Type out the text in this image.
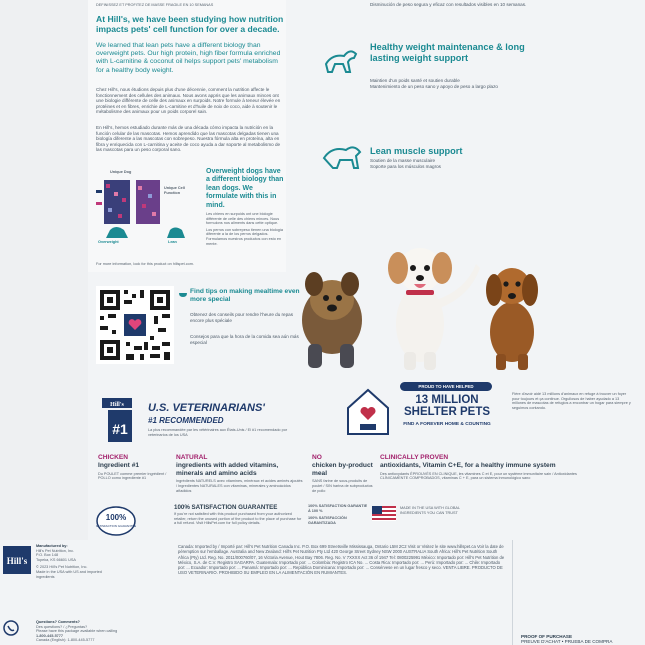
DEFINISSEZ ET PROFITEZ DE MASSE FRAGILE EN 10 SEMANAS
At Hill's, we have been studying how nutrition impacts pets' cell function for over a decade.
We learned that lean pets have a different biology than overweight pets. Our high protein, high fiber formula enriched with L-carnitine & coconut oil helps support pets' metabolism for a healthy body weight.
Chez Hill's, nous étudions depuis plus d'une décennie, comment la nutrition affecte le fonctionnement des cellules des animaux. Nous avons appris que les animaux minces ont une biologie différente de celle des animaux en surpoids. Notre formule à teneur élevée en protéines et en fibres, enrichie de L-carnitine et d'huile de noix de coco, aide à soutenir le métabolisme des animaux pour un poids corporel sain.
En Hill's, hemos estudiado durante más de una década cómo impacta la nutrición en la función celular de las mascotas. Hemos aprendido que las mascotas delgadas tienen una biología diferente a las mascotas con sobrepeso. Nuestra fórmula alta en proteína, alta en fibra y enriquecida con L-carnitina y aceite de coco ayuda a dar soporte al metabolismo de las mascotas para un peso corporal sano.
Unique Dog
Unique Cell Function
Overweight	Lean
Overweight dogs have a different biology than lean dogs. We formulate with this in mind.
Les chiens en surpoids ont une biologie différente de celle des chiens minces. Nous formulons nos aliments dans cette optique.
Los perros con sobrepeso tienen una biología diferente a la de los perros delgados. Formulamos nuestros productos con esto en mente.
For more information, look for this product on hillspet.com.
Disminución de peso segura y eficaz con resultados visibles en 10 semanas.
Healthy weight maintenance & long lasting weight support
Maintien d'un poids santé et soutien durable
Mantenimiento de un peso sano y apoyo de peso a largo plazo
Lean muscle support
Soutien de la masse musculaire
Soporte para los músculos magros
Find tips on making mealtime even more special
Obtenez des conseils pour rendre l'heure du repas encore plus spéciale
Consejos para que la hora de la comida sea aún más especial
#1
Hill's U.S. VETERINARIANS'
#1 RECOMMENDED
La plus recommandée par les vétérinaires aux États-Unis / El #1 recomendado por veterinarios de los USA
PROUD TO HAVE HELPED
13 MILLION
SHELTER PETS
FIND A FOREVER HOME & COUNTING
Fière d'avoir aidé 13 millions d'animaux en refuge à trouver un foyer pour toujours et ça continue. Orgullosos de haber ayudado a 13 millones de mascotas de refugios a encontrar un hogar para siempre y seguimos contando.
CHICKEN
Ingredient #1
Du POULET comme premier ingrédient / POLLO como ingrediente #1
NATURAL
ingredients with added vitamins, minerals and amino acids
Ingrédients NATURELS avec vitamines, minéraux et acides aminés ajoutés / Ingredientes NATURALES con vitaminas, minerales y aminoácidos añadidos
NO
chicken by-product meal
SANS farine de sous-produits de poulet / SIN harina de subproductos de pollo
CLINICALLY PROVEN
antioxidants, Vitamin C+E, for a healthy immune system
Des antioxydants ÉPROUVÉS EN CLINIQUE, les vitamines C et E, pour un système immunitaire sain / Antioxidantes CLÍNICAMENTE COMPROBADOS, vitaminas C + E, para un sistema inmunológico sano
100%
SATISFACTION GUARANTEE
100% SATISFACTION GUARANTEE
If you're not satisfied with this product purchased from your authorized retailer, return the unused portion of the product to the place of purchase for a full refund. Visit HillsPet.com for full policy details.
100% SATISFACTION GARANTIE À 100 %
100% SATISFACCIÓN GARANTIZADA
MADE IN THE USA WITH GLOBAL INGREDIENTS YOU CAN TRUST
Hill's
Manufactured by:
Hill's Pet Nutrition, Inc.
P.O. Box 148
Topeka, KS 66601 USA
© 2023 Hill's Pet Nutrition, Inc.
Made in the USA with US and imported ingredients
Questions? Comments?
Des questions? / ¿Preguntas?
Please have this package available when calling
1-800-445-5777
Canada (English): 1-800-445-5777
Canada: Imported by / Importé par: Hill's Pet Nutrition Canada Inc. P.O. Box 699 Streetsville Mississauga, Ontario L5M 2C2 Visit or Visitez le site www.hillspet.ca Voir la date de péremption sur l'emballage. Australia and New Zealand: Hill's Pet Nutrition Pty Ltd 420 George Street Sydney NSW 2000 AUSTRALIA South Africa: Hill's Pet Nutrition South Africa (Pty) Ltd. Reg. No. 2011/000760/07, 16 Victoria Avenue, Hout Bay 7806. Reg. No. V 7XXXX Act 36 of 1947 Tel: 0800225991 México: Importado por: Hill's Pet Nutrition de México, S.A. de C.V. Registro SAGARPA. Guatemala: Importado por: ... Colombia: Registro ICA No. ... Costa Rica: Importado por: ... Perú: Importado por: ... Chile: Importado por: ... Ecuador: Importado por: ... Panamá: Importado por: ... República Dominicana: Importado por: ... Consérvese en un lugar fresco y seco. VENTA LIBRE. PRODUCTO DE USO VETERINARIO. PROHIBIDO SU EMPLEO EN LA ALIMENTACIÓN EN RUMIANTES.
PROOF OF PURCHASE
PREUVE D'ACHAT • PRUEBA DE COMPRA
